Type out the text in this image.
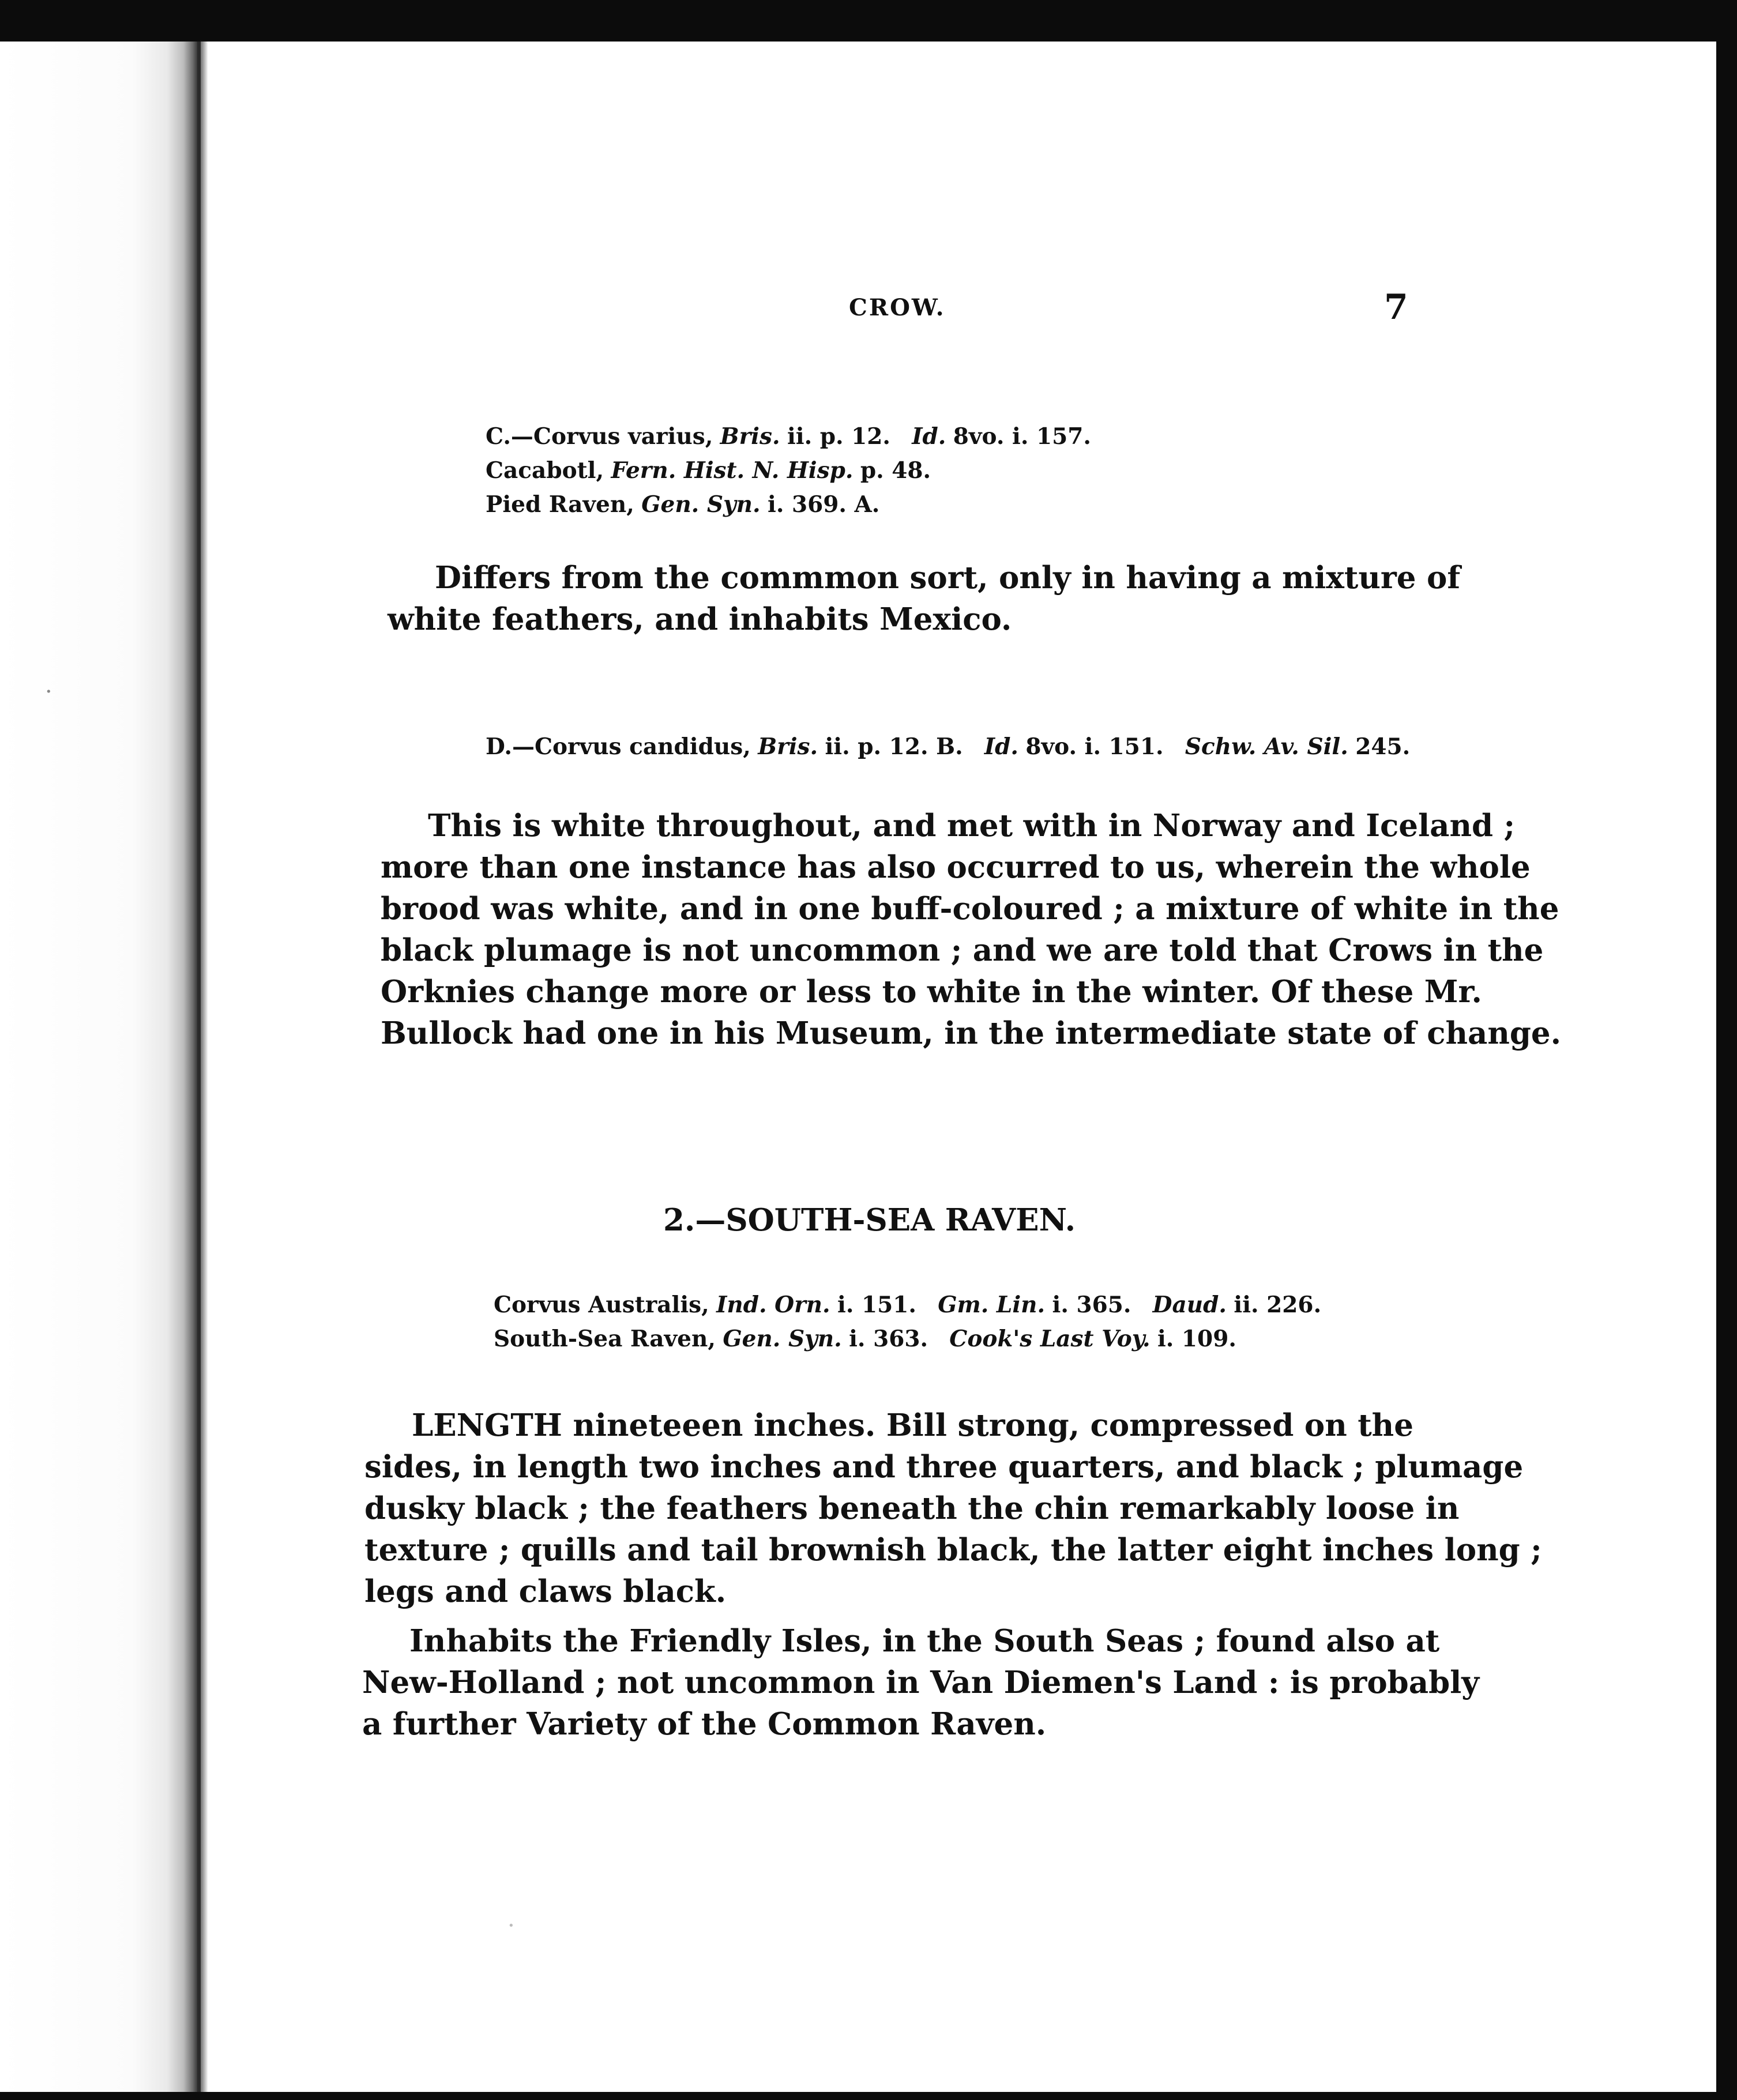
·
·
CROW.	7
C.—Corvus varius, Bris. ii. p. 12. Id. 8vo. i. 157.
Cacabotl, Fern. Hist. N. Hisp. p. 48.
Pied Raven, Gen. Syn. i. 369. A.
Differs from the commmon sort, only in having a mixture of
white feathers, and inhabits Mexico.
D.—Corvus candidus, Bris. ii. p. 12. B. Id. 8vo. i. 151. Schw. Av. Sil. 245.
This is white throughout, and met with in Norway and Iceland ;
more than one instance has also occurred to us, wherein the whole
brood was white, and in one buff-coloured ; a mixture of white in the
black plumage is not uncommon ; and we are told that Crows in the
Orknies change more or less to white in the winter. Of these Mr.
Bullock had one in his Museum, in the intermediate state of change.
2.—SOUTH-SEA RAVEN.
Corvus Australis, Ind. Orn. i. 151. Gm. Lin. i. 365. Daud. ii. 226.
South-Sea Raven, Gen. Syn. i. 363. Cook's Last Voy. i. 109.
LENGTH nineteeen inches. Bill strong, compressed on the
sides, in length two inches and three quarters, and black ; plumage
dusky black ; the feathers beneath the chin remarkably loose in
texture ; quills and tail brownish black, the latter eight inches long ;
legs and claws black.
Inhabits the Friendly Isles, in the South Seas ; found also at
New-Holland ; not uncommon in Van Diemen's Land : is probably
a further Variety of the Common Raven.
